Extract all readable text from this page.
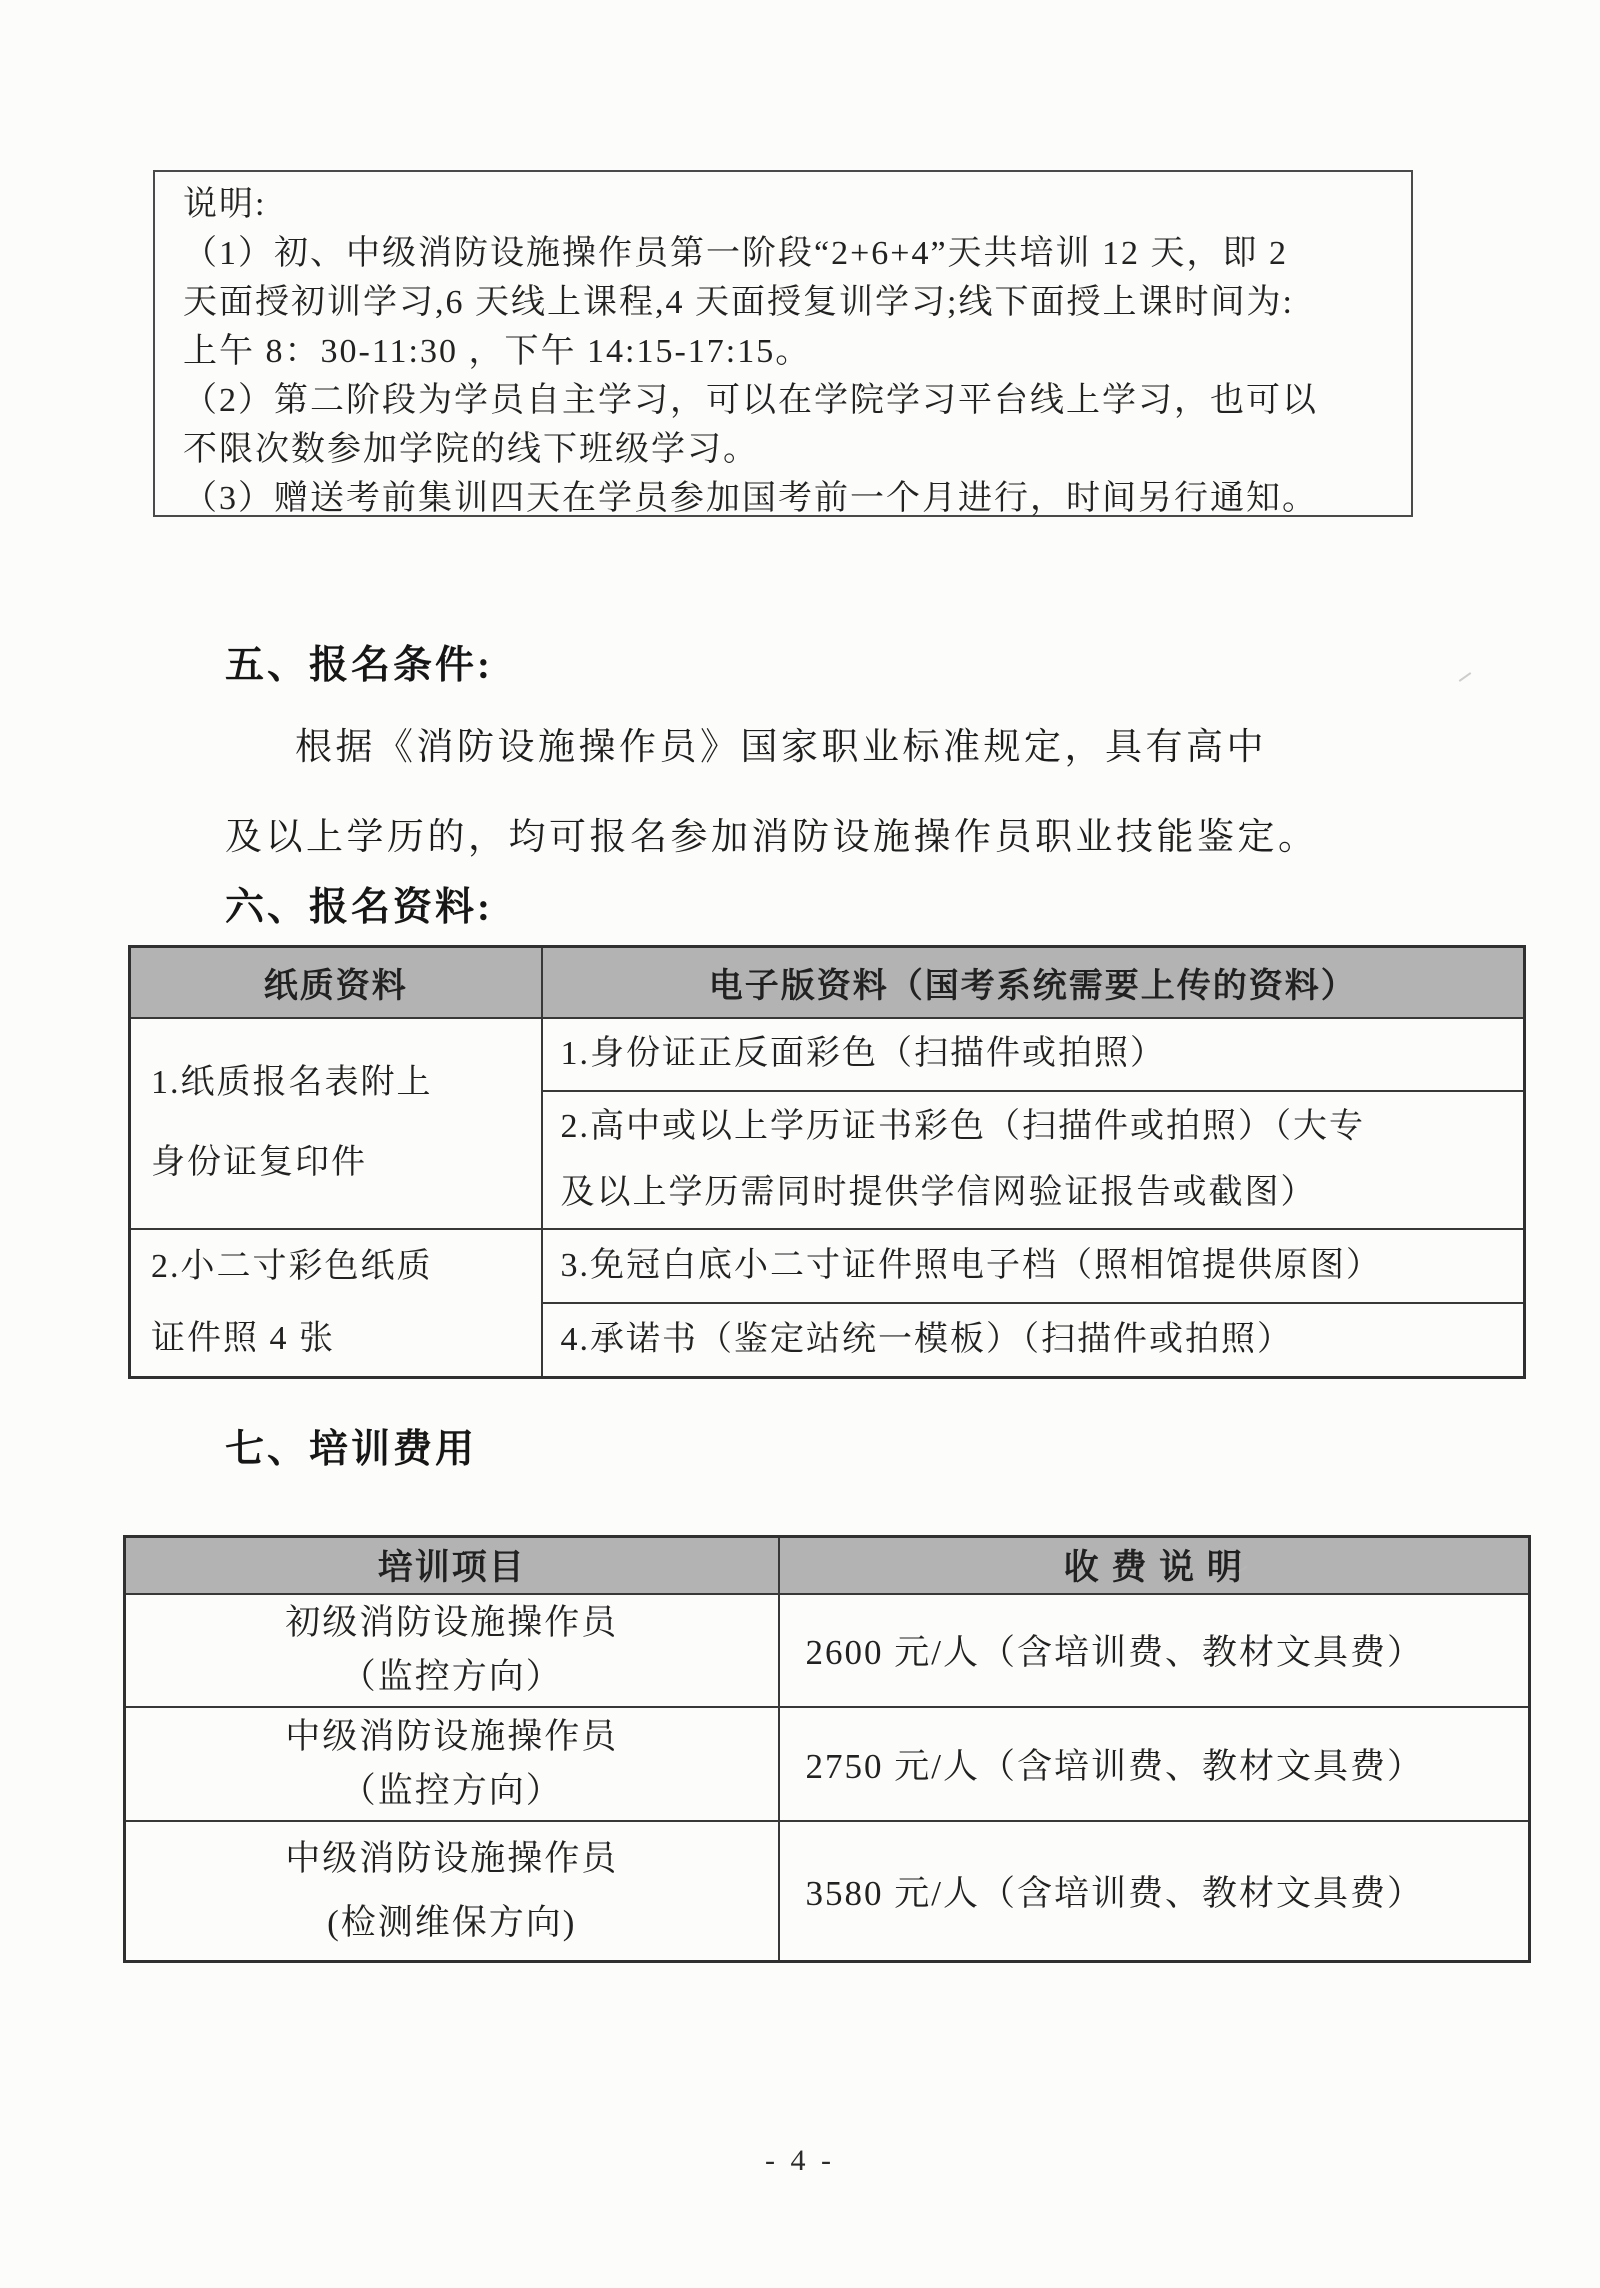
说明:
（1）初、中级消防设施操作员第一阶段“2+6+4”天共培训 12 天，即 2
天面授初训学习,6 天线上课程,4 天面授复训学习;线下面授上课时间为:
上午 8：30-11:30 ，下午 14:15-17:15。
（2）第二阶段为学员自主学习，可以在学院学习平台线上学习，也可以
不限次数参加学院的线下班级学习。
（3）赠送考前集训四天在学员参加国考前一个月进行，时间另行通知。
五、报名条件:
根据《消防设施操作员》国家职业标准规定，具有高中
及以上学历的，均可报名参加消防设施操作员职业技能鉴定。
六、报名资料:
纸质资料	电子版资料（国考系统需要上传的资料）

1.纸质报名表附上
身份证复印件	1.身份证正反面彩色（扫描件或拍照）

	2.高中或以上学历证书彩色（扫描件或拍照）（大专
及以上学历需同时提供学信网验证报告或截图）

2.小二寸彩色纸质
证件照 4 张	3.免冠白底小二寸证件照电子档（照相馆提供原图）
	4.承诺书（鉴定站统一模板）（扫描件或拍照）
七、培训费用
培训项目	收 费 说 明

初级消防设施操作员
（监控方向）	2600 元/人（含培训费、教材文具费）

中级消防设施操作员
（监控方向）	2750 元/人（含培训费、教材文具费）

中级消防设施操作员
(检测维保方向)	3580 元/人（含培训费、教材文具费）
- 4 -
